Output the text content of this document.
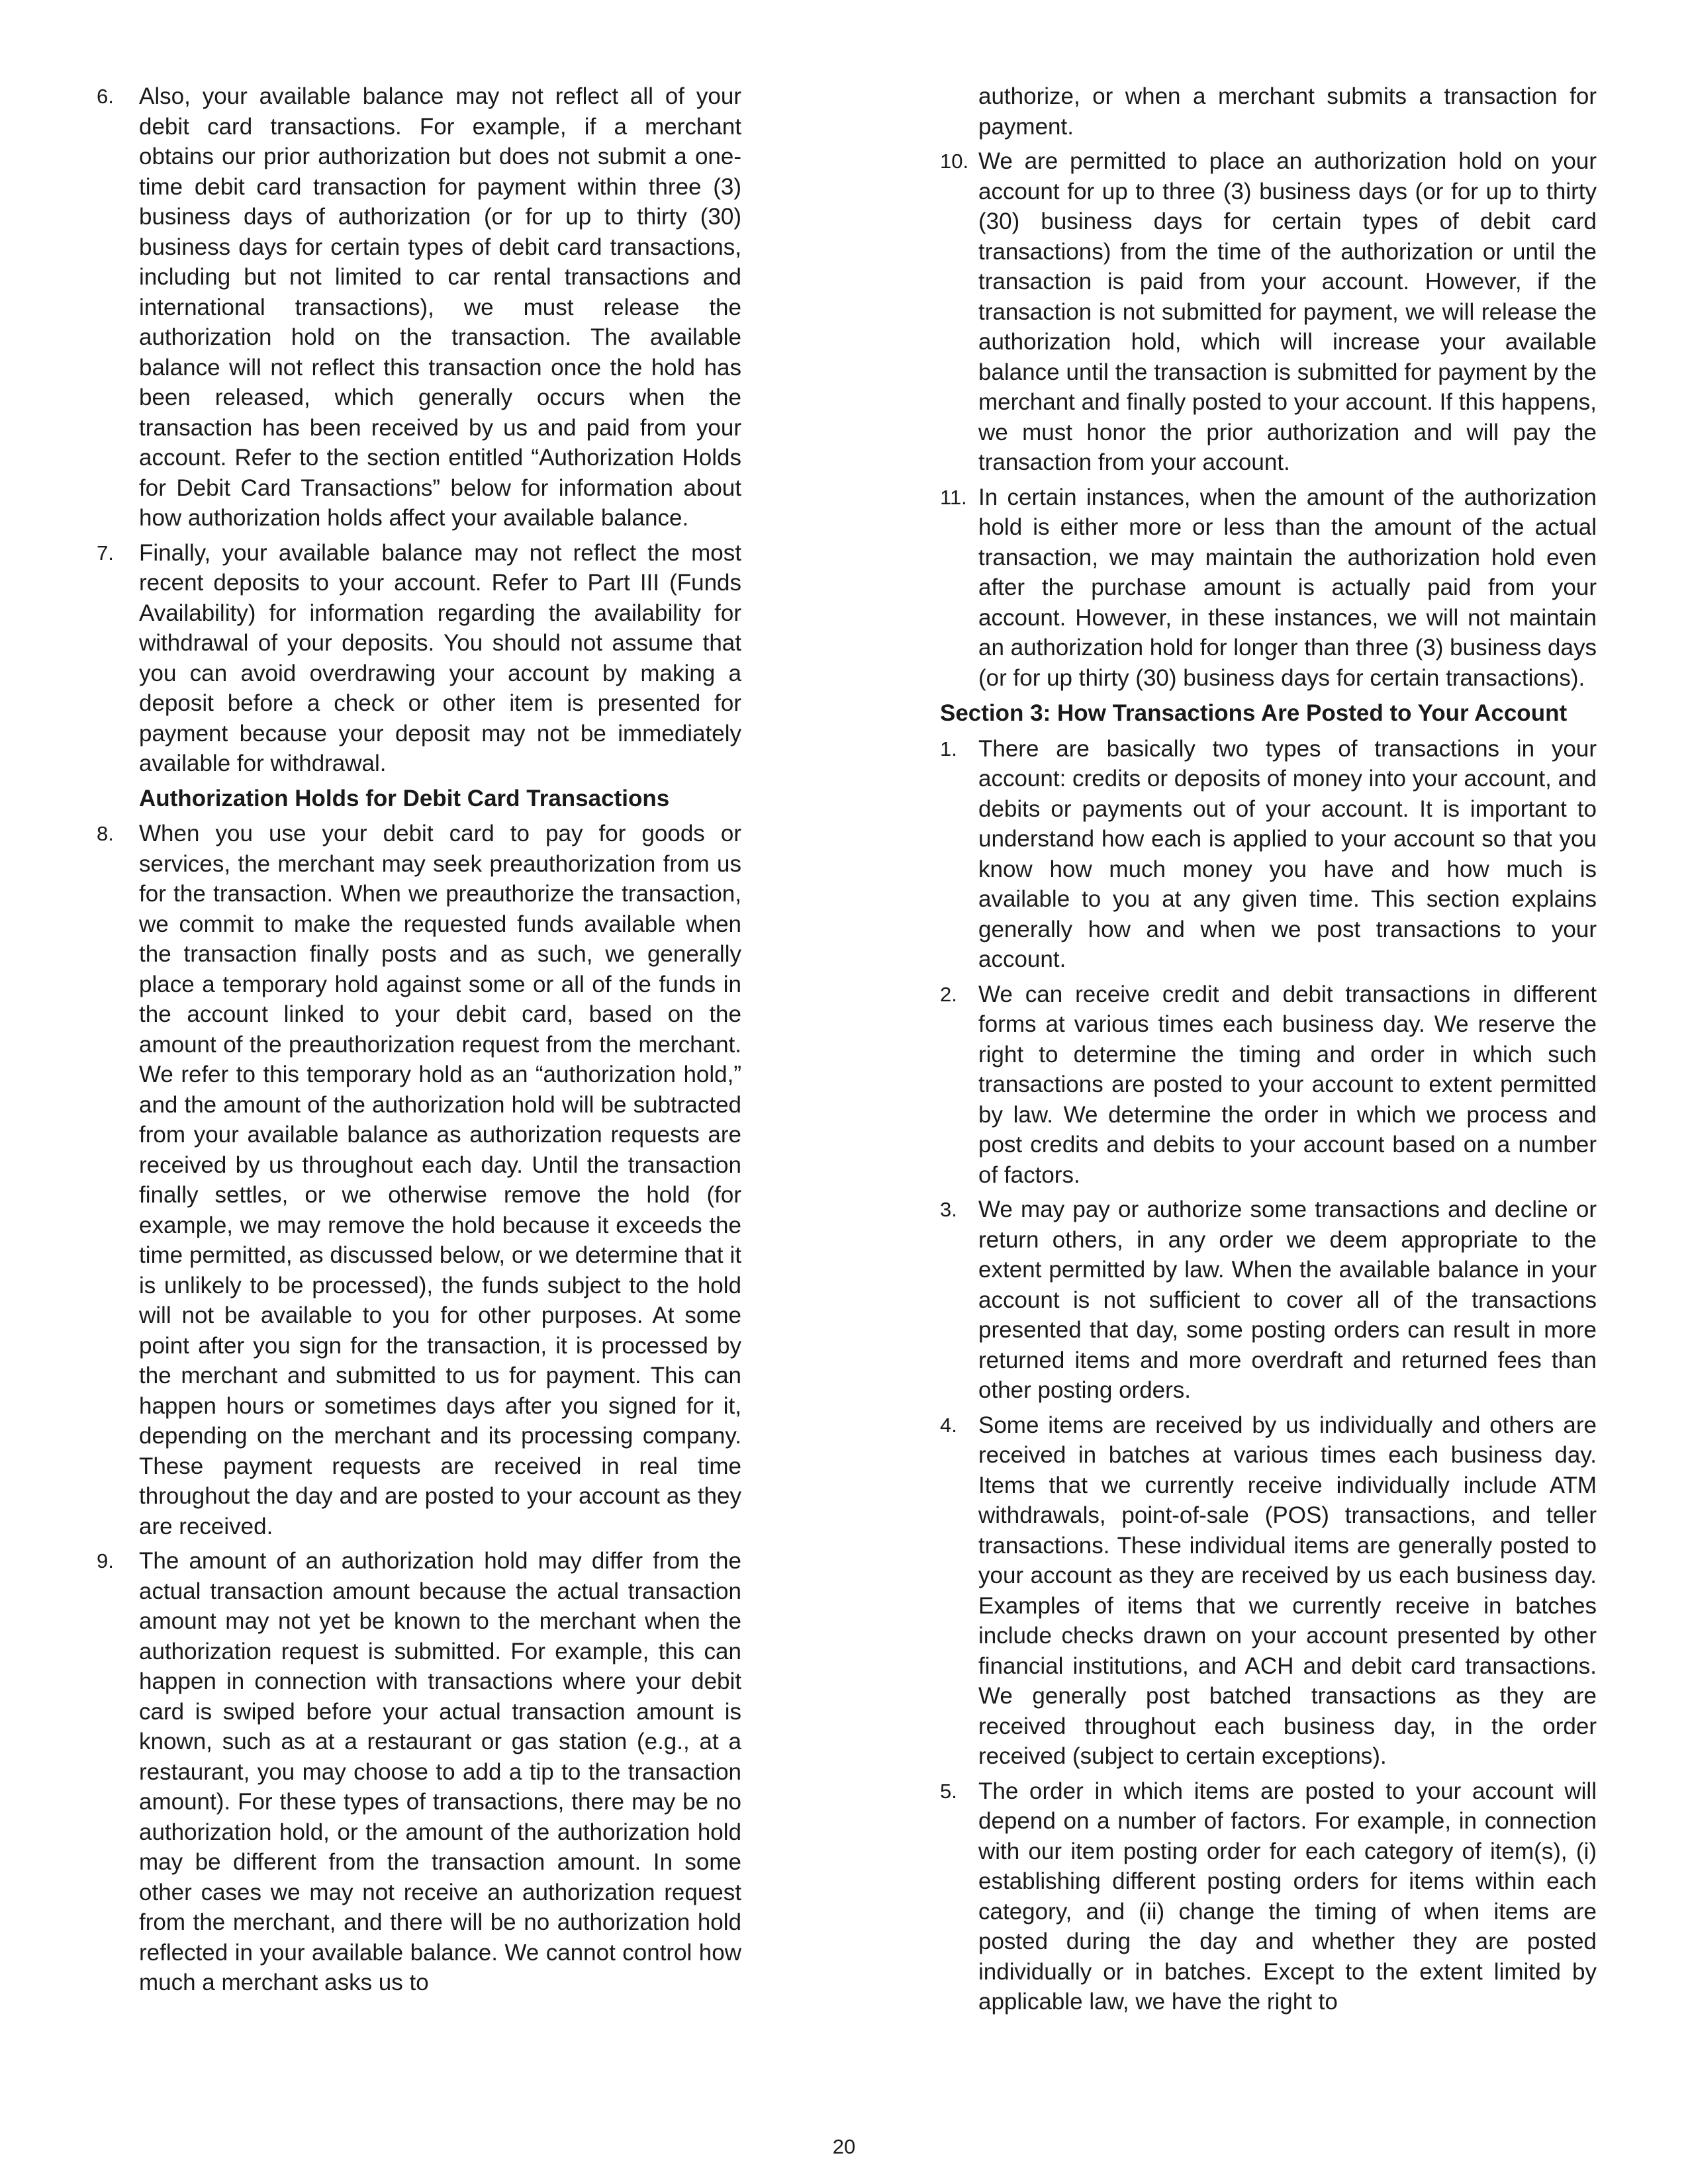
6. Also, your available balance may not reflect all of your debit card transactions. For example, if a merchant obtains our prior authorization but does not submit a one-time debit card transaction for payment within three (3) business days of authorization (or for up to thirty (30) business days for certain types of debit card transactions, including but not limited to car rental transactions and international transactions), we must release the authorization hold on the transaction. The available balance will not reflect this transaction once the hold has been released, which generally occurs when the transaction has been received by us and paid from your account. Refer to the section entitled “Authorization Holds for Debit Card Transactions” below for information about how authorization holds affect your available balance.
7. Finally, your available balance may not reflect the most recent deposits to your account. Refer to Part III (Funds Availability) for information regarding the availability for withdrawal of your deposits. You should not assume that you can avoid overdrawing your account by making a deposit before a check or other item is presented for payment because your deposit may not be immediately available for withdrawal.
Authorization Holds for Debit Card Transactions
8. When you use your debit card to pay for goods or services, the merchant may seek preauthorization from us for the transaction. When we preauthorize the transaction, we commit to make the requested funds available when the transaction finally posts and as such, we generally place a temporary hold against some or all of the funds in the account linked to your debit card, based on the amount of the preauthorization request from the merchant. We refer to this temporary hold as an “authorization hold,” and the amount of the authorization hold will be subtracted from your available balance as authorization requests are received by us throughout each day. Until the transaction finally settles, or we otherwise remove the hold (for example, we may remove the hold because it exceeds the time permitted, as discussed below, or we determine that it is unlikely to be processed), the funds subject to the hold will not be available to you for other purposes. At some point after you sign for the transaction, it is processed by the merchant and submitted to us for payment. This can happen hours or sometimes days after you signed for it, depending on the merchant and its processing company. These payment requests are received in real time throughout the day and are posted to your account as they are received.
9. The amount of an authorization hold may differ from the actual transaction amount because the actual transaction amount may not yet be known to the merchant when the authorization request is submitted. For example, this can happen in connection with transactions where your debit card is swiped before your actual transaction amount is known, such as at a restaurant or gas station (e.g., at a restaurant, you may choose to add a tip to the transaction amount). For these types of transactions, there may be no authorization hold, or the amount of the authorization hold may be different from the transaction amount. In some other cases we may not receive an authorization request from the merchant, and there will be no authorization hold reflected in your available balance. We cannot control how much a merchant asks us to
authorize, or when a merchant submits a transaction for payment.
10. We are permitted to place an authorization hold on your account for up to three (3) business days (or for up to thirty (30) business days for certain types of debit card transactions) from the time of the authorization or until the transaction is paid from your account. However, if the transaction is not submitted for payment, we will release the authorization hold, which will increase your available balance until the transaction is submitted for payment by the merchant and finally posted to your account. If this happens, we must honor the prior authorization and will pay the transaction from your account.
11. In certain instances, when the amount of the authorization hold is either more or less than the amount of the actual transaction, we may maintain the authorization hold even after the purchase amount is actually paid from your account. However, in these instances, we will not maintain an authorization hold for longer than three (3) business days (or for up thirty (30) business days for certain transactions).
Section 3: How Transactions Are Posted to Your Account
1. There are basically two types of transactions in your account: credits or deposits of money into your account, and debits or payments out of your account. It is important to understand how each is applied to your account so that you know how much money you have and how much is available to you at any given time. This section explains generally how and when we post transactions to your account.
2. We can receive credit and debit transactions in different forms at various times each business day. We reserve the right to determine the timing and order in which such transactions are posted to your account to extent permitted by law. We determine the order in which we process and post credits and debits to your account based on a number of factors.
3. We may pay or authorize some transactions and decline or return others, in any order we deem appropriate to the extent permitted by law. When the available balance in your account is not sufficient to cover all of the transactions presented that day, some posting orders can result in more returned items and more overdraft and returned fees than other posting orders.
4. Some items are received by us individually and others are received in batches at various times each business day. Items that we currently receive individually include ATM withdrawals, point-of-sale (POS) transactions, and teller transactions. These individual items are generally posted to your account as they are received by us each business day. Examples of items that we currently receive in batches include checks drawn on your account presented by other financial institutions, and ACH and debit card transactions. We generally post batched transactions as they are received throughout each business day, in the order received (subject to certain exceptions).
5. The order in which items are posted to your account will depend on a number of factors. For example, in connection with our item posting order for each category of item(s), (i) establishing different posting orders for items within each category, and (ii) change the timing of when items are posted during the day and whether they are posted individually or in batches. Except to the extent limited by applicable law, we have the right to
20
